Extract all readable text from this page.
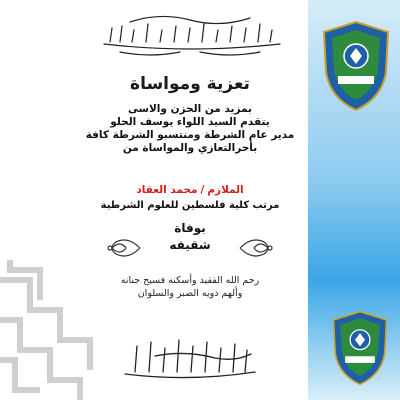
تعزية ومواساة
بمزيد من الحزن والاسى
يتقدم السيد اللواء يوسف الحلو
مدير عام الشرطة ومنتسبو الشرطة كافة
بأحرالتعازي والمواساة من
الملازم/محمد العقاد
مرتب كلية فلسطين للعلوم الشرطية
بوفاة
شقيقه
رحم الله الفقيد وأسكنه فسيح جنانه
وألهم ذويه الصبر والسلوان
